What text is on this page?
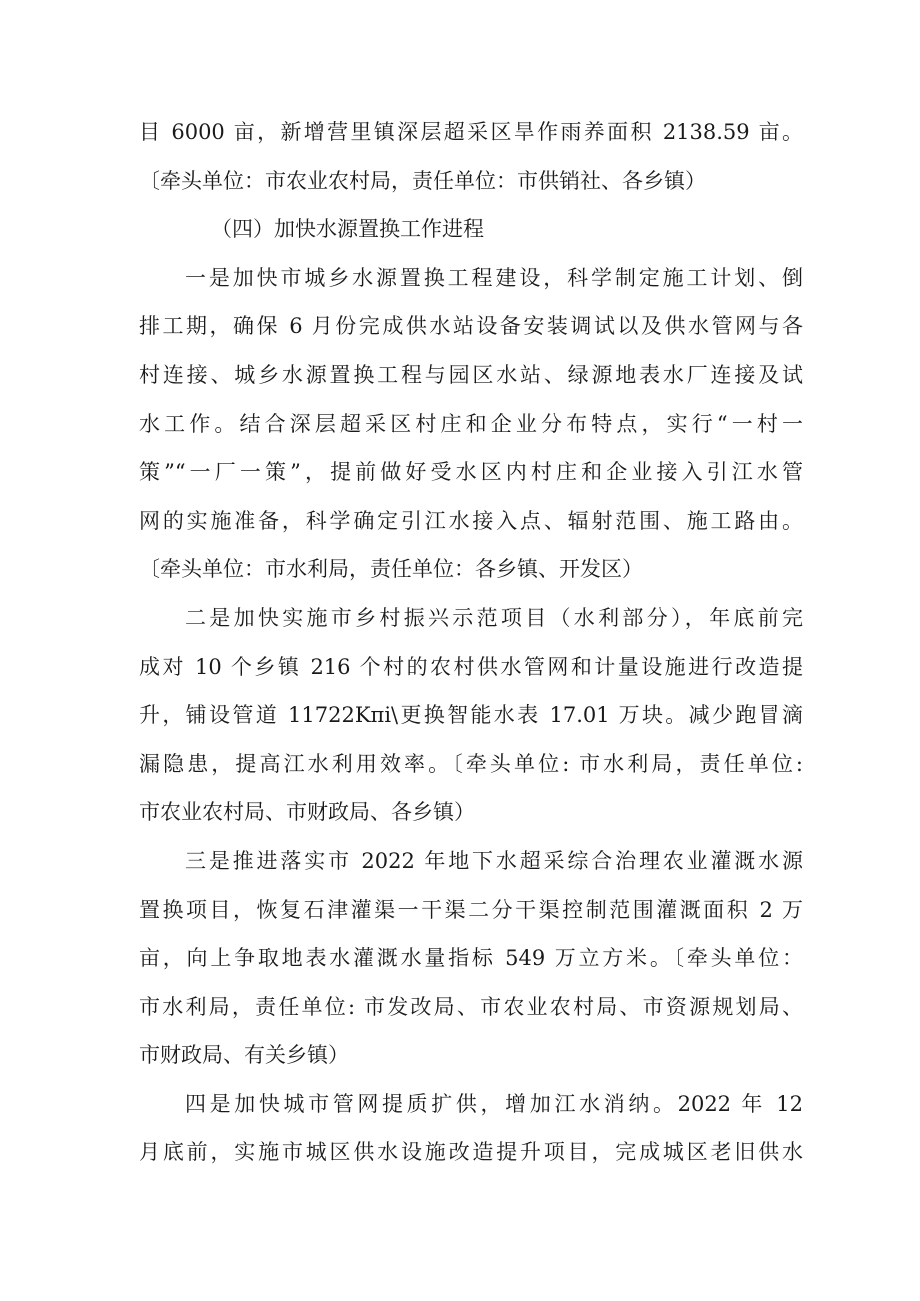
目 6000 亩，新增营里镇深层超采区旱作雨养面积 2138.59 亩。
〔牵头单位：市农业农村局，责任单位：市供销社、各乡镇）
（四）加快水源置换工作进程
一是加快市城乡水源置换工程建设，科学制定施工计划、倒
排工期，确保 6 月份完成供水站设备安装调试以及供水管网与各
村连接、城乡水源置换工程与园区水站、绿源地表水厂连接及试
水工作。结合深层超采区村庄和企业分布特点，实行“一村一
策”“一厂一策”，提前做好受水区内村庄和企业接入引江水管
网的实施准备，科学确定引江水接入点、辐射范围、施工路由。
〔牵头单位：市水利局，责任单位：各乡镇、开发区）
二是加快实施市乡村振兴示范项目（水利部分），年底前完
成对 10 个乡镇 216 个村的农村供水管网和计量设施进行改造提
升，铺设管道 11722Kπi\更换智能水表 17.01 万块。减少跑冒滴
漏隐患，提高江水利用效率。〔牵头单位: 市水利局，责任单位:
市农业农村局、市财政局、各乡镇）
三是推进落实市 2022 年地下水超采综合治理农业灌溉水源
置换项目，恢复石津灌渠一干渠二分干渠控制范围灌溉面积 2 万
亩，向上争取地表水灌溉水量指标 549 万立方米。〔牵头单位：
市水利局，责任单位: 市发改局、市农业农村局、市资源规划局、
市财政局、有关乡镇）
四是加快城市管网提质扩供，增加江水消纳。2022 年 12
月底前，实施市城区供水设施改造提升项目，完成城区老旧供水
